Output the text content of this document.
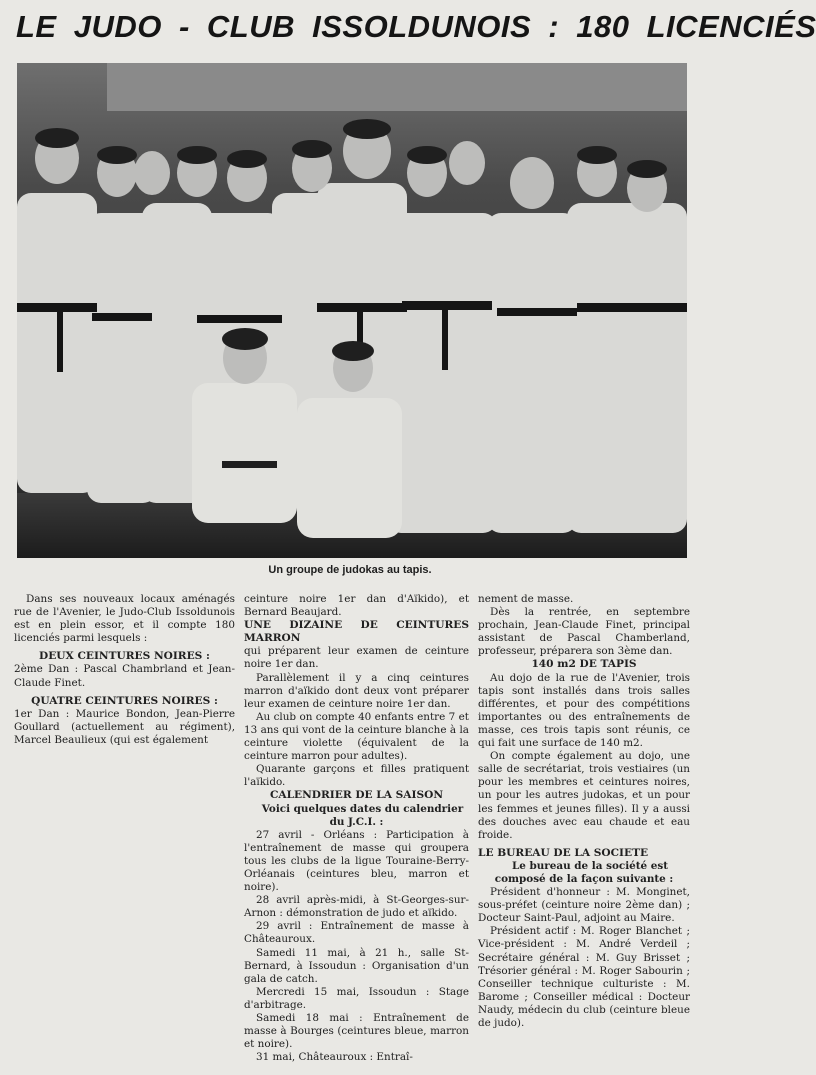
LE JUDO - CLUB ISSOLDUNOIS : 180 LICENCIÉS
Un groupe de judokas au tapis.

Dans ses nouveaux locaux aménagés rue de l'Avenier, le Judo-Club Issoldunois est en plein essor, et il compte 180 licenciés parmi lesquels :

DEUX CEINTURES NOIRES :

2ème Dan : Pascal Chambrland et Jean-Claude Finet.

QUATRE CEINTURES NOIRES :

1er Dan : Maurice Bondon, Jean-Pierre Goullard (actuellement au régiment), Marcel Beaulieux (qui est également

ceinture noire 1er dan d'Aïkido), et Bernard Beaujard.

UNE DIZAINE DE CEINTURES MARRON

qui préparent leur examen de ceinture noire 1er dan.

Parallèlement il y a cinq ceintures marron d'aïkido dont deux vont préparer leur examen de ceinture noire 1er dan.

Au club on compte 40 enfants entre 7 et 13 ans qui vont de la ceinture blanche à la ceinture violette (équivalent de la ceinture marron pour adultes).

Quarante garçons et filles pratiquent l'aïkido.

CALENDRIER DE LA SAISON

Voici quelques dates du calendrier du J.C.I. :

27 avril - Orléans : Participation à l'entraînement de masse qui groupera tous les clubs de la ligue Touraine-Berry-Orléanais (ceintures bleu, marron et noire).

28 avril après-midi, à St-Georges-sur-Arnon : démonstration de judo et aïkido.

29 avril : Entraînement de masse à Châteauroux.

Samedi 11 mai, à 21 h., salle St-Bernard, à Issoudun : Organisation d'un gala de catch.

Mercredi 15 mai, Issoudun : Stage d'arbitrage.

Samedi 18 mai : Entraînement de masse à Bourges (ceintures bleue, marron et noire).

31 mai, Châteauroux : Entraî-

nement de masse.

Dès la rentrée, en septembre prochain, Jean-Claude Finet, principal assistant de Pascal Chamberland, professeur, préparera son 3ème dan.

140 m2 DE TAPIS

Au dojo de la rue de l'Avenier, trois tapis sont installés dans trois salles différentes, et pour des compétitions importantes ou des entraînements de masse, ces trois tapis sont réunis, ce qui fait une surface de 140 m2.

On compte également au dojo, une salle de secrétariat, trois vestiaires (un pour les membres et ceintures noires, un pour les autres judokas, et un pour les femmes et jeunes filles). Il y a aussi des douches avec eau chaude et eau froide.

LE BUREAU DE LA SOCIETE

Le bureau de la société est composé de la façon suivante :

Président d'honneur : M. Monginet, sous-préfet (ceinture noire 2ème dan) ; Docteur Saint-Paul, adjoint au Maire.

Président actif : M. Roger Blanchet ; Vice-président : M. André Verdeil ; Secrétaire général : M. Guy Brisset ; Trésorier général : M. Roger Sabourin ; Conseiller technique culturiste : M. Barome ; Conseiller médical : Docteur Naudy, médecin du club (ceinture bleue de judo).
